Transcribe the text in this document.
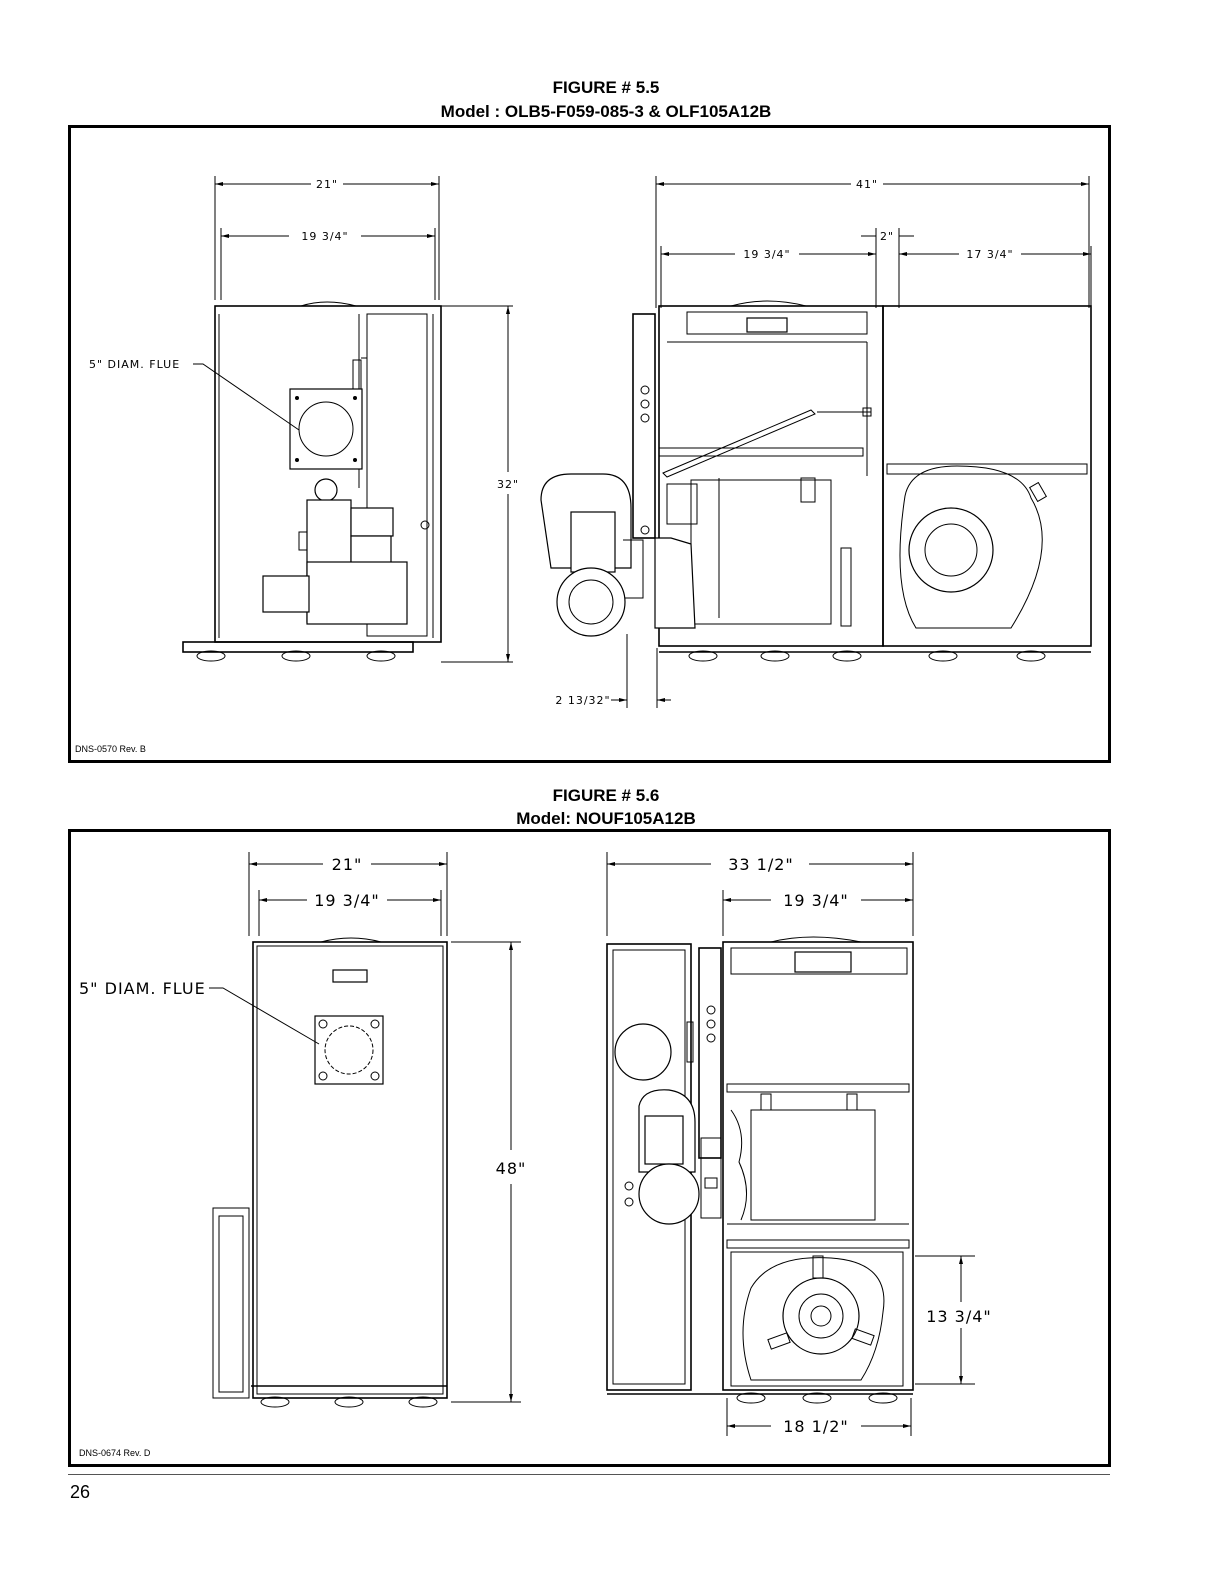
FIGURE # 5.5
Model : OLB5-F059-085-3 & OLF105A12B
21"
19 3/4"
5" DIAM. FLUE
32"
41"
19 3/4"
2"
17 3/4"
2 13/32"
DNS-0570 Rev. B
FIGURE # 5.6
Model: NOUF105A12B
21"
19 3/4"
5" DIAM. FLUE
48"
33 1/2"
19 3/4"
13 3/4"
18 1/2"
DNS-0674 Rev. D
26
